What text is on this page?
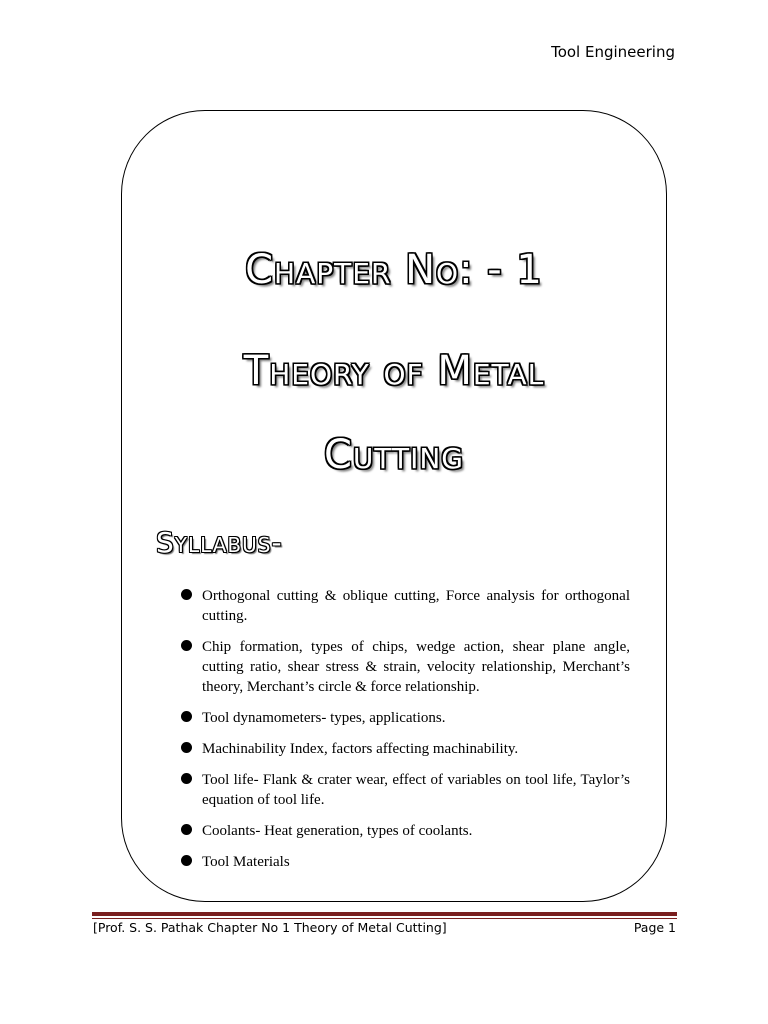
Tool Engineering
Chapter No: - 1
Theory of Metal
Cutting
Syllabus-
Orthogonal cutting & oblique cutting, Force analysis for orthogonal cutting.
Chip formation, types of chips, wedge action, shear plane angle, cutting ratio, shear stress & strain, velocity relationship, Merchant’s theory, Merchant’s circle & force relationship.
Tool dynamometers- types, applications.
Machinability Index, factors affecting machinability.
Tool life- Flank & crater wear, effect of variables on tool life, Taylor’s equation of tool life.
Coolants- Heat generation, types of coolants.
Tool Materials
[Prof. S. S. Pathak Chapter No 1 Theory of Metal Cutting]	Page 1
